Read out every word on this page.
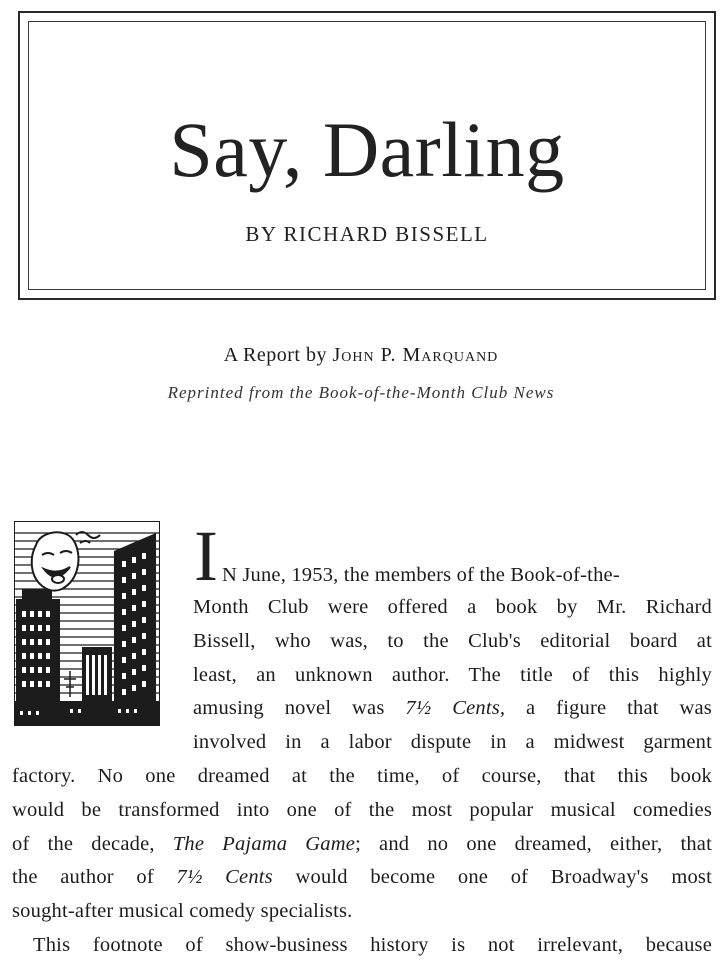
Say, Darling
BY RICHARD BISSELL
A Report by John P. Marquand
Reprinted from the Book-of-the-Month Club News
I N June, 1953, the members of the Book-of-the-
Month Club were offered a book by Mr. Richard
Bissell, who was, to the Club's editorial board at
least, an unknown author. The title of this highly
amusing novel was 7½ Cents, a figure that was
involved in a labor dispute in a midwest garment
factory. No one dreamed at the time, of course, that this book
would be transformed into one of the most popular musical comedies
of the decade, The Pajama Game; and no one dreamed, either, that
the author of 7½ Cents would become one of Broadway's most
sought-after musical comedy specialists.
This footnote of show-business history is not irrelevant, because
